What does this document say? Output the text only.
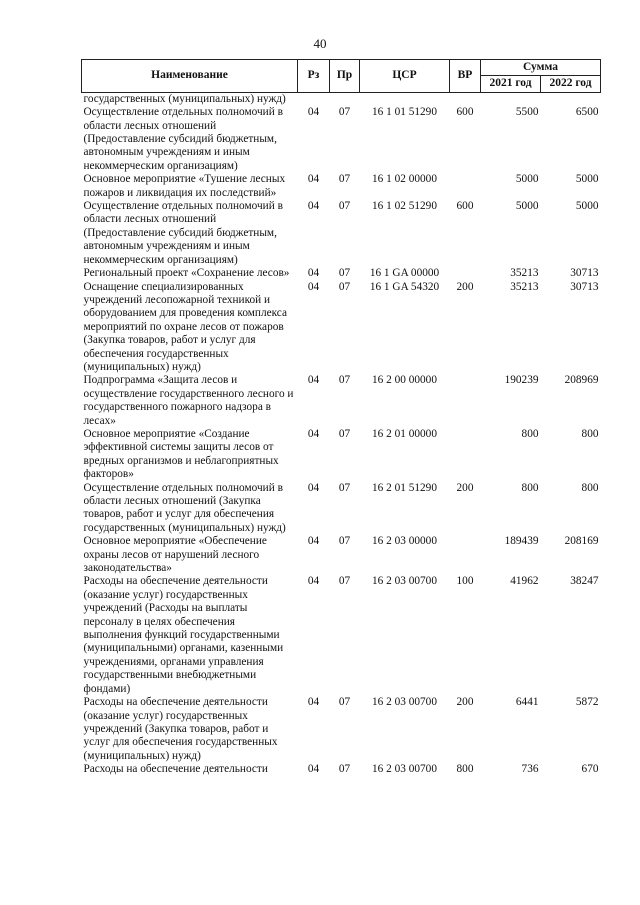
40
Наименование	Рз	Пр	ЦСР	ВР	Сумма	
					2021 год	2022 год
государственных (муниципальных) нужд)						
Осуществление отдельных полномочий в области лесных отношений (Предоставление субсидий бюджетным, автономным учреждениям и иным некоммерческим организациям)	04	07	16 1 01 51290	600	5500	6500
Основное мероприятие «Тушение лесных пожаров и ликвидация их последствий»	04	07	16 1 02 00000		5000	5000
Осуществление отдельных полномочий в области лесных отношений (Предоставление субсидий бюджетным, автономным учреждениям и иным некоммерческим организациям)	04	07	16 1 02 51290	600	5000	5000
Региональный проект «Сохранение лесов»	04	07	16 1 GA 00000		35213	30713
Оснащение специализированных учреждений лесопожарной техникой и оборудованием для проведения комплекса мероприятий по охране лесов от пожаров (Закупка товаров, работ и услуг для обеспечения государственных (муниципальных) нужд)	04	07	16 1 GA 54320	200	35213	30713
Подпрограмма «Защита лесов и осуществление государственного лесного и государственного пожарного надзора в лесах»	04	07	16 2 00 00000		190239	208969
Основное мероприятие «Создание эффективной системы защиты лесов от вредных организмов и неблагоприятных факторов»	04	07	16 2 01 00000		800	800
Осуществление отдельных полномочий в области лесных отношений (Закупка товаров, работ и услуг для обеспечения государственных (муниципальных) нужд)	04	07	16 2 01 51290	200	800	800
Основное мероприятие «Обеспечение охраны лесов от нарушений лесного законодательства»	04	07	16 2 03 00000		189439	208169
Расходы на обеспечение деятельности (оказание услуг) государственных учреждений (Расходы на выплаты персоналу в целях обеспечения выполнения функций государственными (муниципальными) органами, казенными учреждениями, органами управления государственными внебюджетными фондами)	04	07	16 2 03 00700	100	41962	38247
Расходы на обеспечение деятельности (оказание услуг) государственных учреждений (Закупка товаров, работ и услуг для обеспечения государственных (муниципальных) нужд)	04	07	16 2 03 00700	200	6441	5872
Расходы на обеспечение деятельности	04	07	16 2 03 00700	800	736	670
